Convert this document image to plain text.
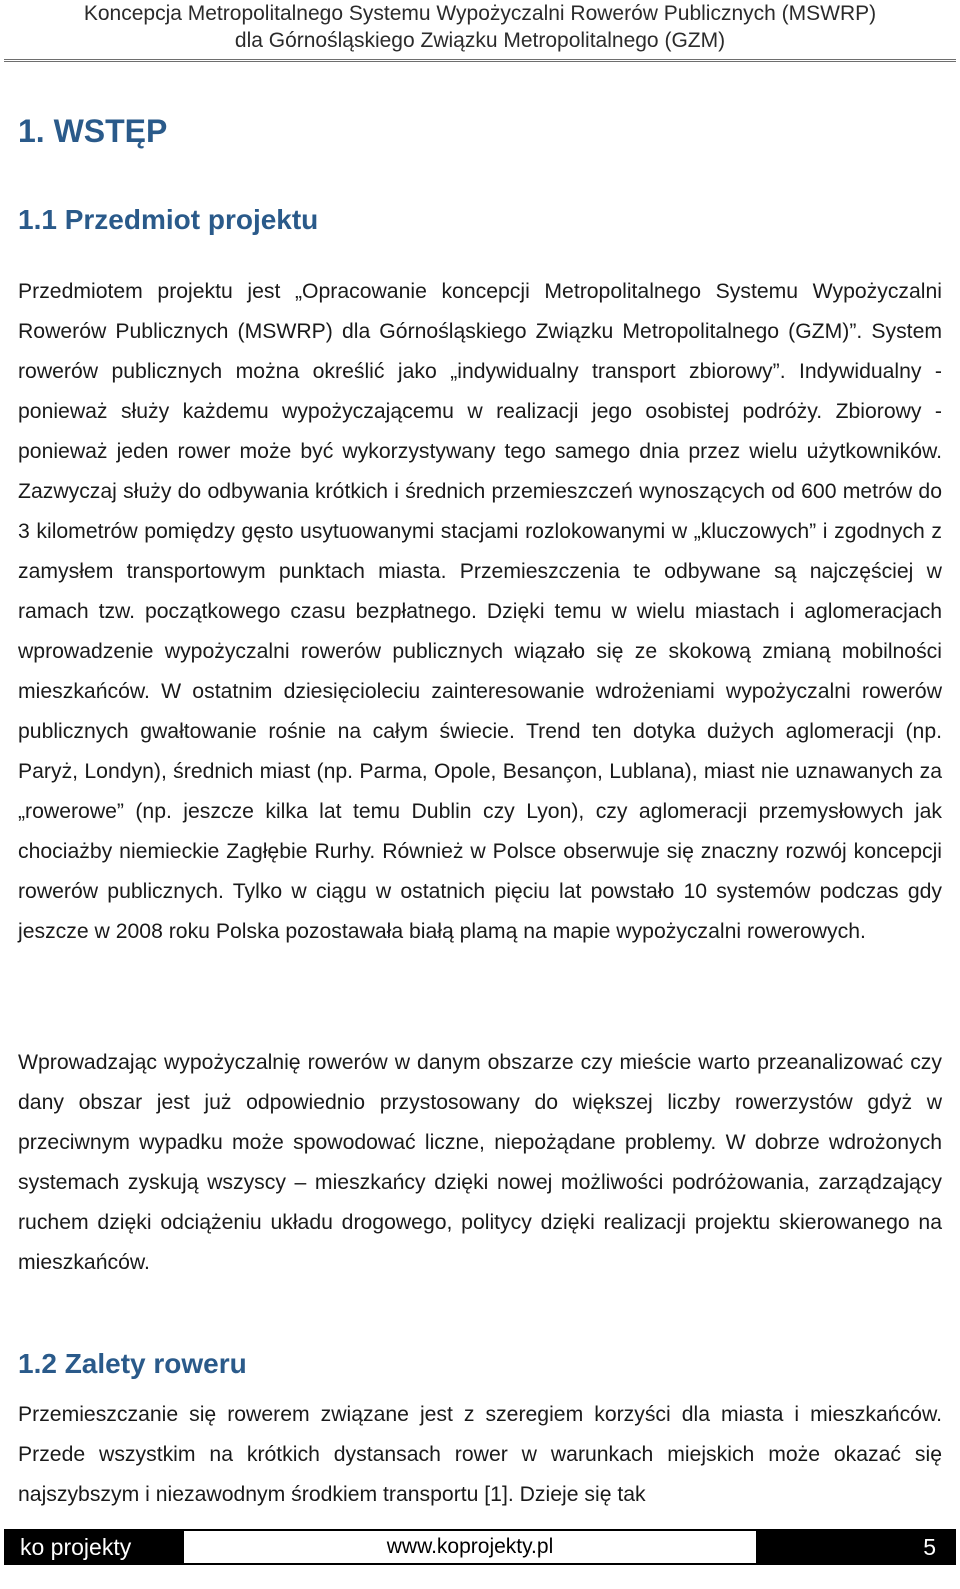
Koncepcja Metropolitalnego Systemu Wypożyczalni Rowerów Publicznych (MSWRP)
dla Górnośląskiego Związku Metropolitalnego (GZM)
1. WSTĘP
1.1 Przedmiot projektu

Przedmiotem projektu jest „Opracowanie koncepcji Metropolitalnego Systemu Wypożyczalni Rowerów Publicznych (MSWRP) dla Górnośląskiego Związku Metropolitalnego (GZM)”. System rowerów publicznych można określić jako „indywidualny transport zbiorowy”. Indywidualny - ponieważ służy każdemu wypożyczającemu w realizacji jego osobistej podróży. Zbiorowy - ponieważ jeden rower może być wykorzystywany tego samego dnia przez wielu użytkowników. Zazwyczaj służy do odbywania krótkich i średnich przemieszczeń wynoszących od 600 metrów do 3 kilometrów pomiędzy gęsto usytuowanymi stacjami rozlokowanymi w „kluczowych” i zgodnych z zamysłem transportowym punktach miasta. Przemieszczenia te odbywane są najczęściej w ramach tzw. początkowego czasu bezpłatnego. Dzięki temu w wielu miastach i aglomeracjach wprowadzenie wypożyczalni rowerów publicznych wiązało się ze skokową zmianą mobilności mieszkańców. W ostatnim dziesięcioleciu zainteresowanie wdrożeniami wypożyczalni rowerów publicznych gwałtowanie rośnie na całym świecie. Trend ten dotyka dużych aglomeracji (np. Paryż, Londyn), średnich miast (np. Parma, Opole, Besançon, Lublana), miast nie uznawanych za „rowerowe” (np. jeszcze kilka lat temu Dublin czy Lyon), czy aglomeracji przemysłowych jak chociażby niemieckie Zagłębie Rurhy. Również w Polsce obserwuje się znaczny rozwój koncepcji rowerów publicznych. Tylko w ciągu w ostatnich pięciu lat powstało 10 systemów podczas gdy jeszcze w 2008 roku Polska pozostawała białą plamą na mapie wypożyczalni rowerowych.

Wprowadzając wypożyczalnię rowerów w danym obszarze czy mieście warto przeanalizować czy dany obszar jest już odpowiednio przystosowany do większej liczby rowerzystów gdyż w przeciwnym wypadku może spowodować liczne, niepożądane problemy. W dobrze wdrożonych systemach zyskują wszyscy – mieszkańcy dzięki nowej możliwości podróżowania, zarządzający ruchem dzięki odciążeniu układu drogowego, politycy dzięki realizacji projektu skierowanego na mieszkańców.

1.2 Zalety roweru

Przemieszczanie się rowerem związane jest z szeregiem korzyści dla miasta i mieszkańców. Przede wszystkim na krótkich dystansach rower w warunkach miejskich może okazać się najszybszym i niezawodnym środkiem transportu [1]. Dzieje się tak

ko projekty	www.koprojekty.pl	5
